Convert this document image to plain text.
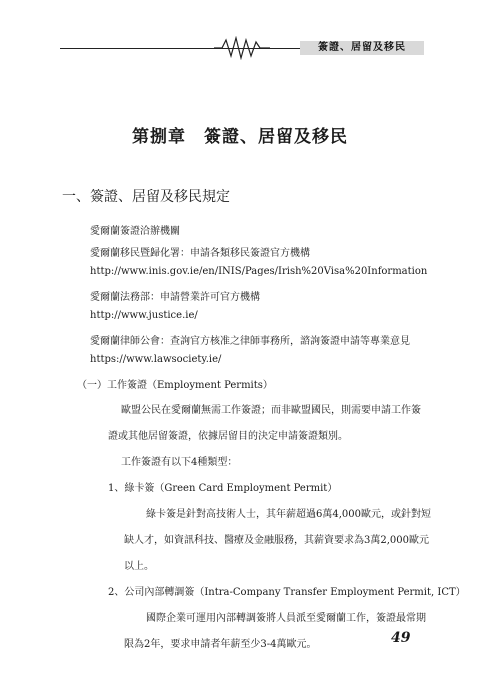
簽證、居留及移民
第捌章　簽證、居留及移民
一、簽證、居留及移民規定
愛爾蘭簽證洽辦機關
愛爾蘭移民暨歸化署：申請各類移民簽證官方機構
http://www.inis.gov.ie/en/INIS/Pages/Irish%20Visa%20Information
愛爾蘭法務部：申請營業許可官方機構
http://www.justice.ie/
愛爾蘭律師公會：查詢官方核准之律師事務所，諮詢簽證申請等專業意見
https://www.lawsociety.ie/
（一）工作簽證（Employment Permits）
歐盟公民在愛爾蘭無需工作簽證；而非歐盟國民，則需要申請工作簽
證或其他居留簽證，依據居留目的決定申請簽證類別。
工作簽證有以下4種類型：
1、綠卡簽（Green Card Employment Permit）
綠卡簽是針對高技術人士，其年薪超過6萬4,000歐元，或針對短
缺人才，如資訊科技、醫療及金融服務，其薪資要求為3萬2,000歐元
以上。
2、公司內部轉調簽（Intra-Company Transfer Employment Permit, ICT）
國際企業可運用內部轉調簽將人員派至愛爾蘭工作，簽證最常期
限為2年，要求申請者年薪至少3-4萬歐元。	49
